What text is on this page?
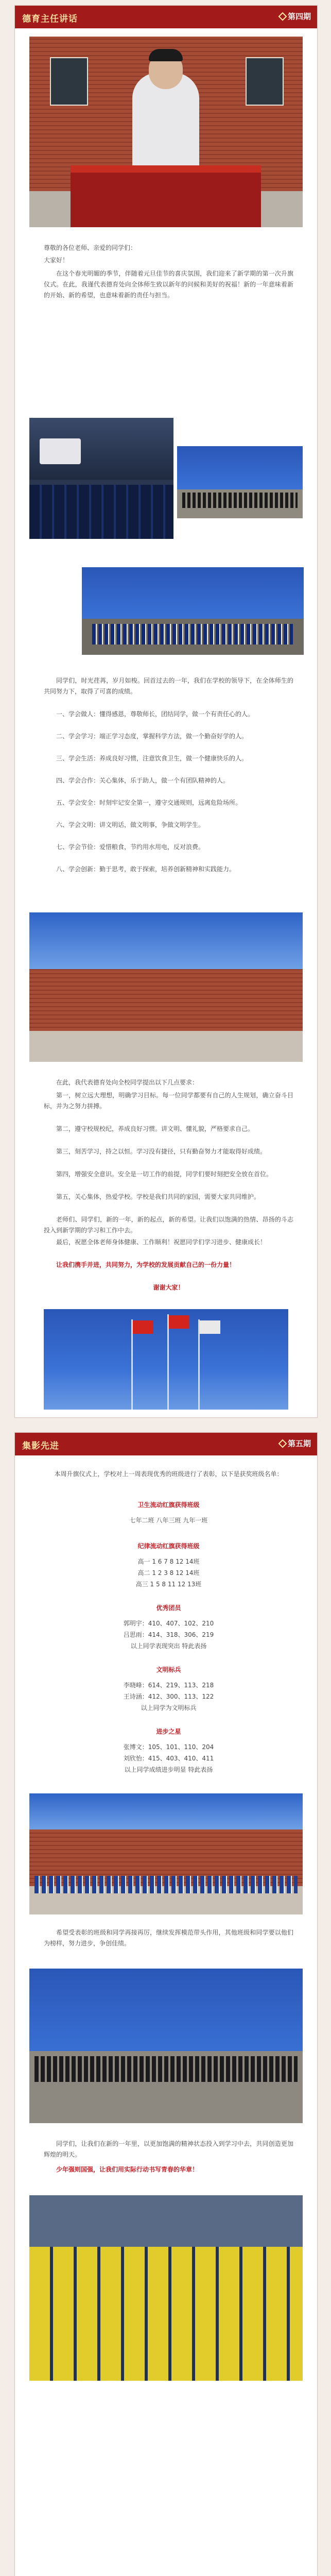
德育主任讲话	第四期
尊敬的各位老师、亲爱的同学们：
大家好！
在这个春光明媚的季节，伴随着元旦佳节的喜庆氛围，我们迎来了新学期的第一次升旗仪式。在此，我谨代表德育处向全体师生致以新年的问候和美好的祝福！新的一年意味着新的开始、新的希望，也意味着新的责任与担当。
同学们，时光荏苒，岁月如梭。回首过去的一年，我们在学校的领导下，在全体师生的共同努力下，取得了可喜的成绩。
一、学会做人：懂得感恩，尊敬师长，团结同学，做一个有责任心的人。
二、学会学习：端正学习态度，掌握科学方法，做一个勤奋好学的人。
三、学会生活：养成良好习惯，注意饮食卫生，做一个健康快乐的人。
四、学会合作：关心集体，乐于助人，做一个有团队精神的人。
五、学会安全：时刻牢记安全第一，遵守交通规则，远离危险场所。
六、学会文明：讲文明话，做文明事，争做文明学生。
七、学会节俭：爱惜粮食，节约用水用电，反对浪费。
八、学会创新：勤于思考，敢于探索，培养创新精神和实践能力。
在此，我代表德育处向全校同学提出以下几点要求：
第一，树立远大理想，明确学习目标。每一位同学都要有自己的人生规划，确立奋斗目标，并为之努力拼搏。
第二，遵守校规校纪，养成良好习惯。讲文明、懂礼貌，严格要求自己。
第三，刻苦学习，持之以恒。学习没有捷径，只有勤奋努力才能取得好成绩。
第四，增强安全意识。安全是一切工作的前提，同学们要时刻把安全放在首位。
第五，关心集体，热爱学校。学校是我们共同的家园，需要大家共同维护。
老师们、同学们，新的一年，新的起点，新的希望。让我们以饱满的热情、昂扬的斗志投入到新学期的学习和工作中去。
最后，祝愿全体老师身体健康、工作顺利！祝愿同学们学习进步、健康成长！
让我们携手并进，共同努力，为学校的发展贡献自己的一份力量！
谢谢大家！
集影先进	第五期
本周升旗仪式上，学校对上一周表现优秀的班级进行了表彰，以下是获奖班级名单：
卫生流动红旗获得班级
七年二班 八年三班 九年一班
纪律流动红旗获得班级
高一 1 6 7 8 12 14班
高二 1 2 3 8 12 14班
高三 1 5 8 11 12 13班
优秀团员
郭明宇：410、407、102、210
吕思雨：414、318、306、219
以上同学表现突出 特此表扬
文明标兵
李晓峰：614、219、113、218
王诗涵：412、300、113、122
以上同学为文明标兵
进步之星
张博文：105、101、110、204
刘欣怡：415、403、410、411
以上同学成绩进步明显 特此表扬
希望受表彰的班级和同学再接再厉，继续发挥模范带头作用，其他班级和同学要以他们为榜样，努力进步，争创佳绩。
同学们，让我们在新的一年里，以更加饱满的精神状态投入到学习中去，共同创造更加辉煌的明天。
少年强则国强，让我们用实际行动书写青春的华章！
